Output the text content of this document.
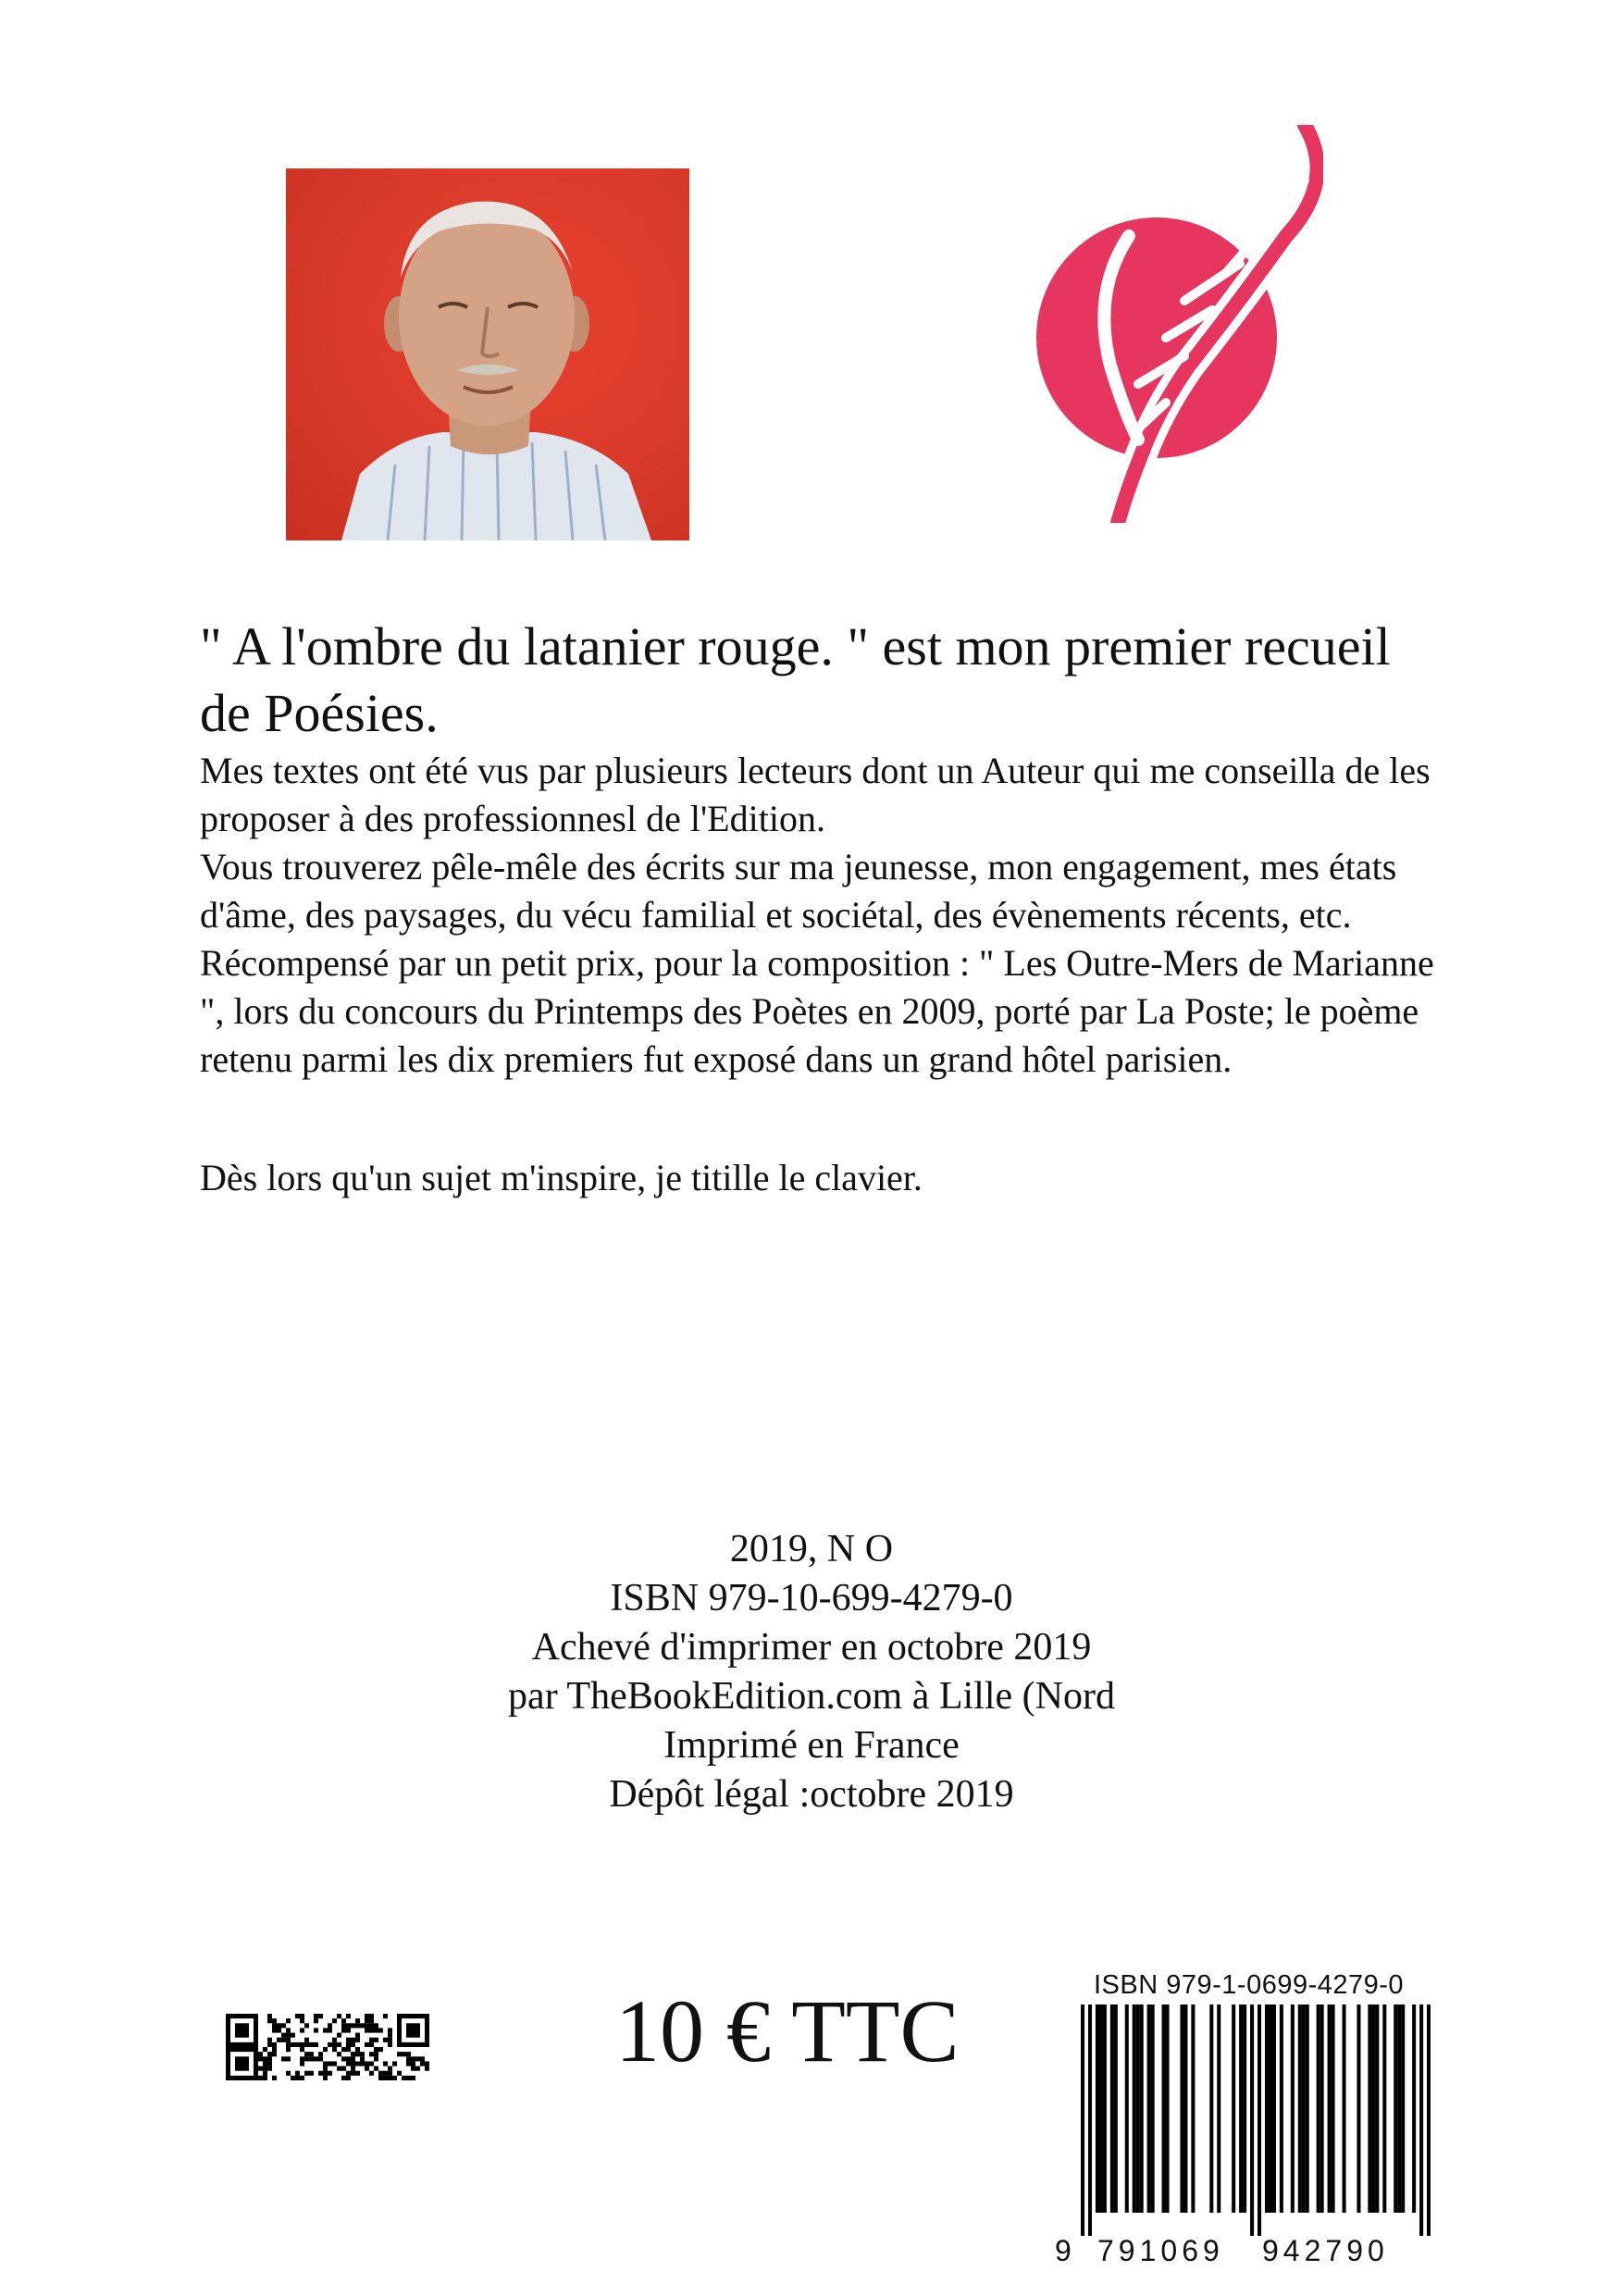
" A l'ombre du latanier rouge. " est mon premier recueil de Poésies.
Mes textes ont été vus par plusieurs lecteurs dont un Auteur qui me conseilla de les proposer à des professionnesl de l'Edition.
Vous trouverez pêle-mêle des écrits sur ma jeunesse, mon engagement, mes états d'âme, des paysages, du vécu familial et sociétal, des évènements récents, etc.
Récompensé par un petit prix, pour la composition : " Les Outre-Mers de Marianne ", lors du concours du Printemps des Poètes en 2009, porté par La Poste; le poème retenu parmi les dix premiers fut exposé dans un grand hôtel parisien.
Dès lors qu'un sujet m'inspire, je titille le clavier.
2019, N O
ISBN 979-10-699-4279-0
Achevé d'imprimer en octobre 2019
par TheBookEdition.com à Lille (Nord
Imprimé en France
Dépôt légal :octobre 2019
10 € TTC	ISBN 979-1-0699-4279-0
9 791069 942790
